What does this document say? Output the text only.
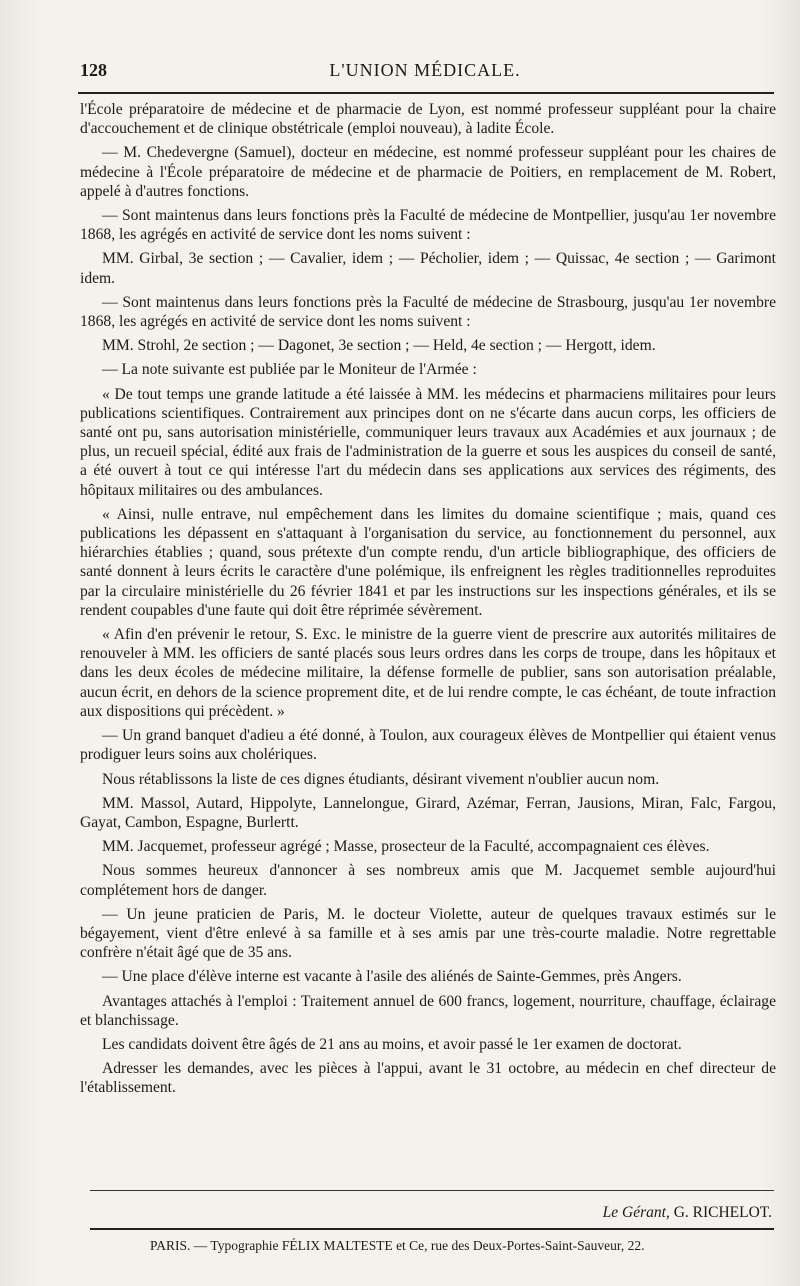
128	L'UNION MÉDICALE.

l'École préparatoire de médecine et de pharmacie de Lyon, est nommé professeur suppléant pour la chaire d'accouchement et de clinique obstétricale (emploi nouveau), à ladite École.

— M. Chedevergne (Samuel), docteur en médecine, est nommé professeur suppléant pour les chaires de médecine à l'École préparatoire de médecine et de pharmacie de Poitiers, en remplacement de M. Robert, appelé à d'autres fonctions.

— Sont maintenus dans leurs fonctions près la Faculté de médecine de Montpellier, jusqu'au 1er novembre 1868, les agrégés en activité de service dont les noms suivent :

MM. Girbal, 3e section ; — Cavalier, idem ; — Pécholier, idem ; — Quissac, 4e section ; — Garimont idem.

— Sont maintenus dans leurs fonctions près la Faculté de médecine de Strasbourg, jusqu'au 1er novembre 1868, les agrégés en activité de service dont les noms suivent :

MM. Strohl, 2e section ; — Dagonet, 3e section ; — Held, 4e section ; — Hergott, idem.

— La note suivante est publiée par le Moniteur de l'Armée :

« De tout temps une grande latitude a été laissée à MM. les médecins et pharmaciens militaires pour leurs publications scientifiques. Contrairement aux principes dont on ne s'écarte dans aucun corps, les officiers de santé ont pu, sans autorisation ministérielle, communiquer leurs travaux aux Académies et aux journaux ; de plus, un recueil spécial, édité aux frais de l'administration de la guerre et sous les auspices du conseil de santé, a été ouvert à tout ce qui intéresse l'art du médecin dans ses applications aux services des régiments, des hôpitaux militaires ou des ambulances.

« Ainsi, nulle entrave, nul empêchement dans les limites du domaine scientifique ; mais, quand ces publications les dépassent en s'attaquant à l'organisation du service, au fonctionnement du personnel, aux hiérarchies établies ; quand, sous prétexte d'un compte rendu, d'un article bibliographique, des officiers de santé donnent à leurs écrits le caractère d'une polémique, ils enfreignent les règles traditionnelles reproduites par la circulaire ministérielle du 26 février 1841 et par les instructions sur les inspections générales, et ils se rendent coupables d'une faute qui doit être réprimée sévèrement.

« Afin d'en prévenir le retour, S. Exc. le ministre de la guerre vient de prescrire aux autorités militaires de renouveler à MM. les officiers de santé placés sous leurs ordres dans les corps de troupe, dans les hôpitaux et dans les deux écoles de médecine militaire, la défense formelle de publier, sans son autorisation préalable, aucun écrit, en dehors de la science proprement dite, et de lui rendre compte, le cas échéant, de toute infraction aux dispositions qui précèdent. »

— Un grand banquet d'adieu a été donné, à Toulon, aux courageux élèves de Montpellier qui étaient venus prodiguer leurs soins aux cholériques.

Nous rétablissons la liste de ces dignes étudiants, désirant vivement n'oublier aucun nom.

MM. Massol, Autard, Hippolyte, Lannelongue, Girard, Azémar, Ferran, Jausions, Miran, Falc, Fargou, Gayat, Cambon, Espagne, Burlertt.

MM. Jacquemet, professeur agrégé ; Masse, prosecteur de la Faculté, accompagnaient ces élèves.

Nous sommes heureux d'annoncer à ses nombreux amis que M. Jacquemet semble aujourd'hui complétement hors de danger.

— Un jeune praticien de Paris, M. le docteur Violette, auteur de quelques travaux estimés sur le bégayement, vient d'être enlevé à sa famille et à ses amis par une très-courte maladie. Notre regrettable confrère n'était âgé que de 35 ans.

— Une place d'élève interne est vacante à l'asile des aliénés de Sainte-Gemmes, près Angers.

Avantages attachés à l'emploi : Traitement annuel de 600 francs, logement, nourriture, chauffage, éclairage et blanchissage.

Les candidats doivent être âgés de 21 ans au moins, et avoir passé le 1er examen de doctorat.

Adresser les demandes, avec les pièces à l'appui, avant le 31 octobre, au médecin en chef directeur de l'établissement.

Le Gérant, G. RICHELOT.
PARIS. — Typographie FÉLIX MALTESTE et Ce, rue des Deux-Portes-Saint-Sauveur, 22.
